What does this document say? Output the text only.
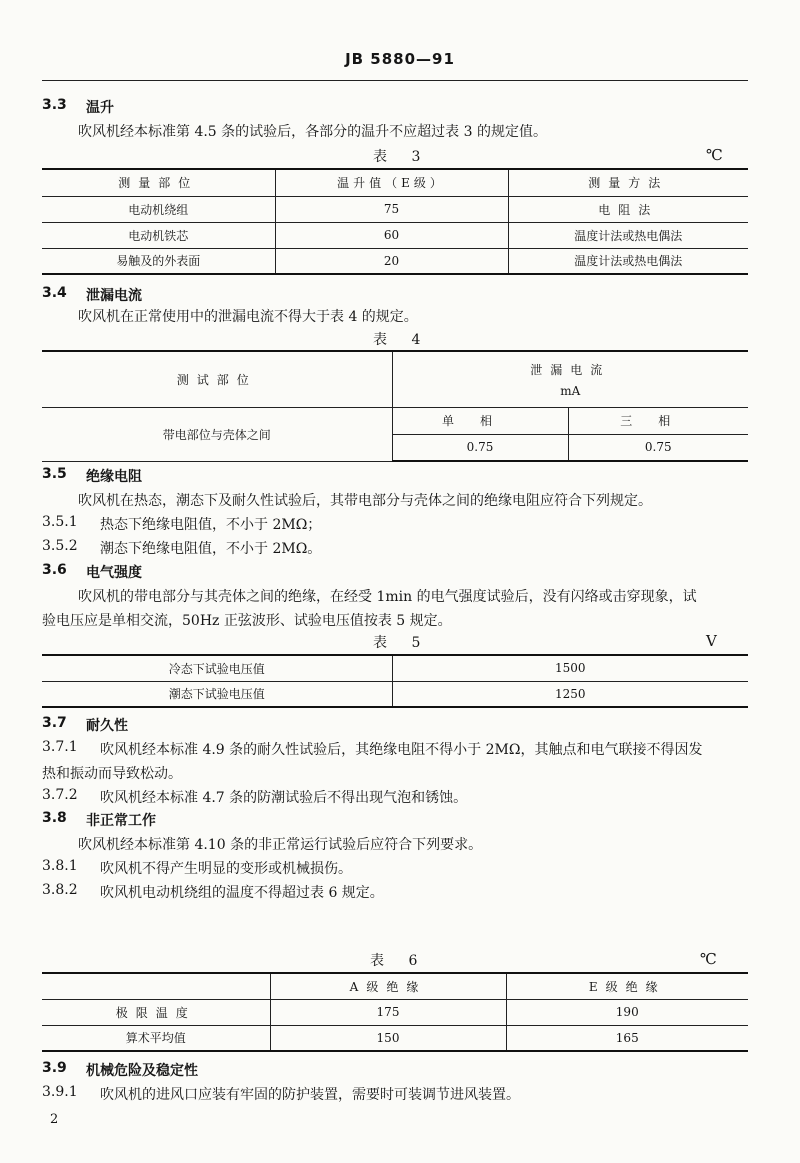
JB 5880—91
3.3 温升
吹风机经本标准第 4.5 条的试验后，各部分的温升不应超过表 3 的规定值。
表 3	℃
测量部位	温升值（E级）	测量方法
电动机绕组	75	电阻法
电动机铁芯	60	温度计法或热电偶法
易触及的外表面	20	温度计法或热电偶法
3.4 泄漏电流
吹风机在正常使用中的泄漏电流不得大于表 4 的规定。
表 4
测试部位	泄漏电流
mA	

带电部位与壳体之间	单相	三相
	0.75	0.75
3.5 绝缘电阻
吹风机在热态，潮态下及耐久性试验后，其带电部分与壳体之间的绝缘电阻应符合下列规定。
3.5.1 热态下绝缘电阻值，不小于 2MΩ；
3.5.2 潮态下绝缘电阻值，不小于 2MΩ。
3.6 电气强度
吹风机的带电部分与其壳体之间的绝缘，在经受 1min 的电气强度试验后，没有闪络或击穿现象，试
验电压应是单相交流，50Hz 正弦波形、试验电压值按表 5 规定。
表 5	V
冷态下试验电压值	1500
潮态下试验电压值	1250
3.7 耐久性
3.7.1 吹风机经本标准 4.9 条的耐久性试验后，其绝缘电阻不得小于 2MΩ，其触点和电气联接不得因发
热和振动而导致松动。
3.7.2 吹风机经本标准 4.7 条的防潮试验后不得出现气泡和锈蚀。
3.8 非正常工作
吹风机经本标准第 4.10 条的非正常运行试验后应符合下列要求。
3.8.1 吹风机不得产生明显的变形或机械损伤。
3.8.2 吹风机电动机绕组的温度不得超过表 6 规定。
表 6	℃
	A级绝缘	E级绝缘
极限温度	175	190
算术平均值	150	165
3.9 机械危险及稳定性
3.9.1 吹风机的进风口应装有牢固的防护装置，需要时可装调节进风装置。
2
